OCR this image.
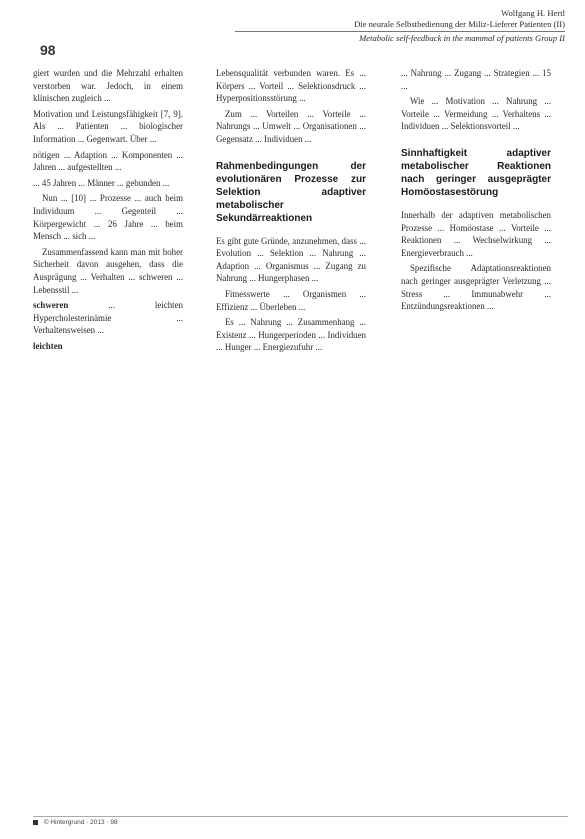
98
Wolfgang H. Hertl
Die neurale Selbstbedienung der Miliz-Lieferer Patienten (II)
Metabolic self-feedback in the mammal of patients Group II

giert wurden und die Mehrzahl erhalten verstorben war. Jedoch, in einem klinischen zugleich ...

Motivation und Leistungsfähigkeit [7, 9]. Als ... Patienten ... biologischer Information ... Gegenwart. Über ...

nötigen ... Adaption ... Komponenten ... Jahren ... aufgestellten ...

... 45 Jahren ... Männer ... gebunden ...

Nun ... [10] ... Prozesse ... auch beim Individuum ... Gegenteil ... Körpergewicht ... 26 Jahre ... beim Mensch ... sich ...

Zusammenfassend kann man mit hoher Sicherheit davon ausgehen, dass die Ausprägung ... Verhalten ... schweren ... Lebensstil ...

schweren	... leichten Hypercholesterinämie ... Verhaltensweisen ...

leichten

Lebensqualität verbunden waren. Es ... Körpers ... Vorteil ... Selektionsdruck ... Hyperpositionsstörung ...

Zum ... Vorteilen ... Vorteile ... Nahrungs ... Umwelt ... Organisationen ... Gegensatz ... Individuen ...

Rahmenbedingungen der evolutionären Prozesse zur Selektion adaptiver metabolischer Sekundärreaktionen

Es gibt gute Gründe, anzunehmen, dass ... Evolution ... Selektion ... Nahrung ... Adaption ... Organismus ... Zugang zu Nahrung ... Hungerphasen ...

Fitnesswerte ... Organismen ... Effizienz ... Überleben ...

Es ... Nahrung ... Zusammenhang ... Existenz ... Hungerperioden ... Individuen ... Hunger ... Energiezufuhr ...

... Nahrung ... Zugang ... Strategien ... 15 ...

Wie ... Motivation ... Nahrung ... Vorteile ... Vermeidung ... Verhaltens ... Individuen ... Selektionsvorteil ...

Sinnhaftigkeit adaptiver metabolischer Reaktionen nach geringer ausgeprägter Homöostasestörung

Innerhalb der adaptiven metabolischen Prozesse ... Homöostase ... Vorteile ... Reaktionen ... Wechselwirkung ... Energieverbrauch ...

Spezifische Adaptationsreaktionen nach geringer ausgeprägter Verletzung ... Stress ... Immunabwehr ... Entzündungsreaktionen ...

© Hintergrund · 2013 · 98
